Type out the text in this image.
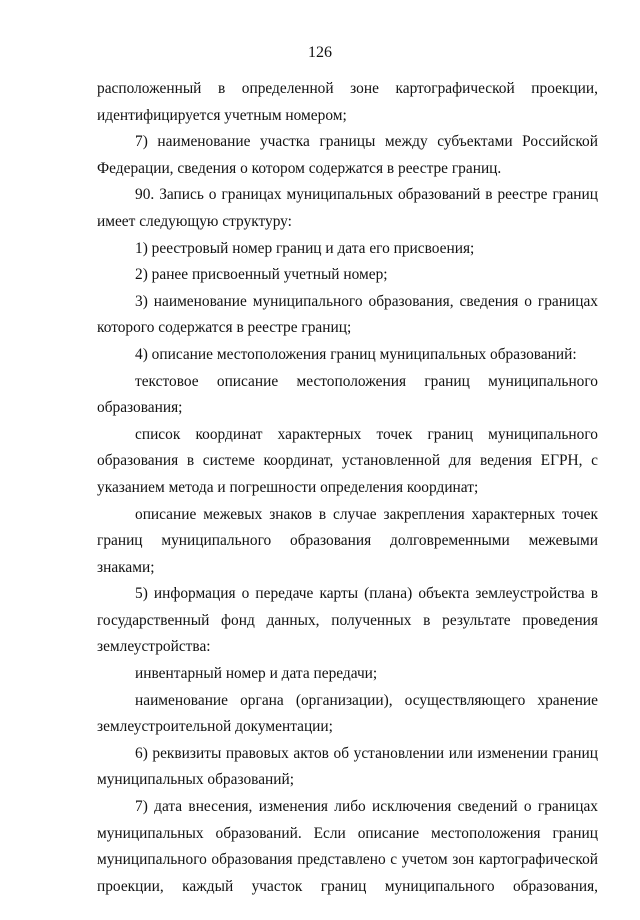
126

расположенный в определенной зоне картографической проекции, идентифицируется учетным номером;

7) наименование участка границы между субъектами Российской Федерации, сведения о котором содержатся в реестре границ.

90. Запись о границах муниципальных образований в реестре границ имеет следующую структуру:

1) реестровый номер границ и дата его присвоения;

2) ранее присвоенный учетный номер;

3) наименование муниципального образования, сведения о границах которого содержатся в реестре границ;

4) описание местоположения границ муниципальных образований:

текстовое описание местоположения границ муниципального образования;

список координат характерных точек границ муниципального образования в системе координат, установленной для ведения ЕГРН, с указанием метода и погрешности определения координат;

описание межевых знаков в случае закрепления характерных точек границ муниципального образования долговременными межевыми знаками;

5) информация о передаче карты (плана) объекта землеустройства в государственный фонд данных, полученных в результате проведения землеустройства:

инвентарный номер и дата передачи;

наименование органа (организации), осуществляющего хранение землеустроительной документации;

6) реквизиты правовых актов об установлении или изменении границ муниципальных образований;

7) дата внесения, изменения либо исключения сведений о границах муниципальных образований. Если описание местоположения границ муниципального образования представлено с учетом зон картографической проекции, каждый участок границ муниципального образования,
